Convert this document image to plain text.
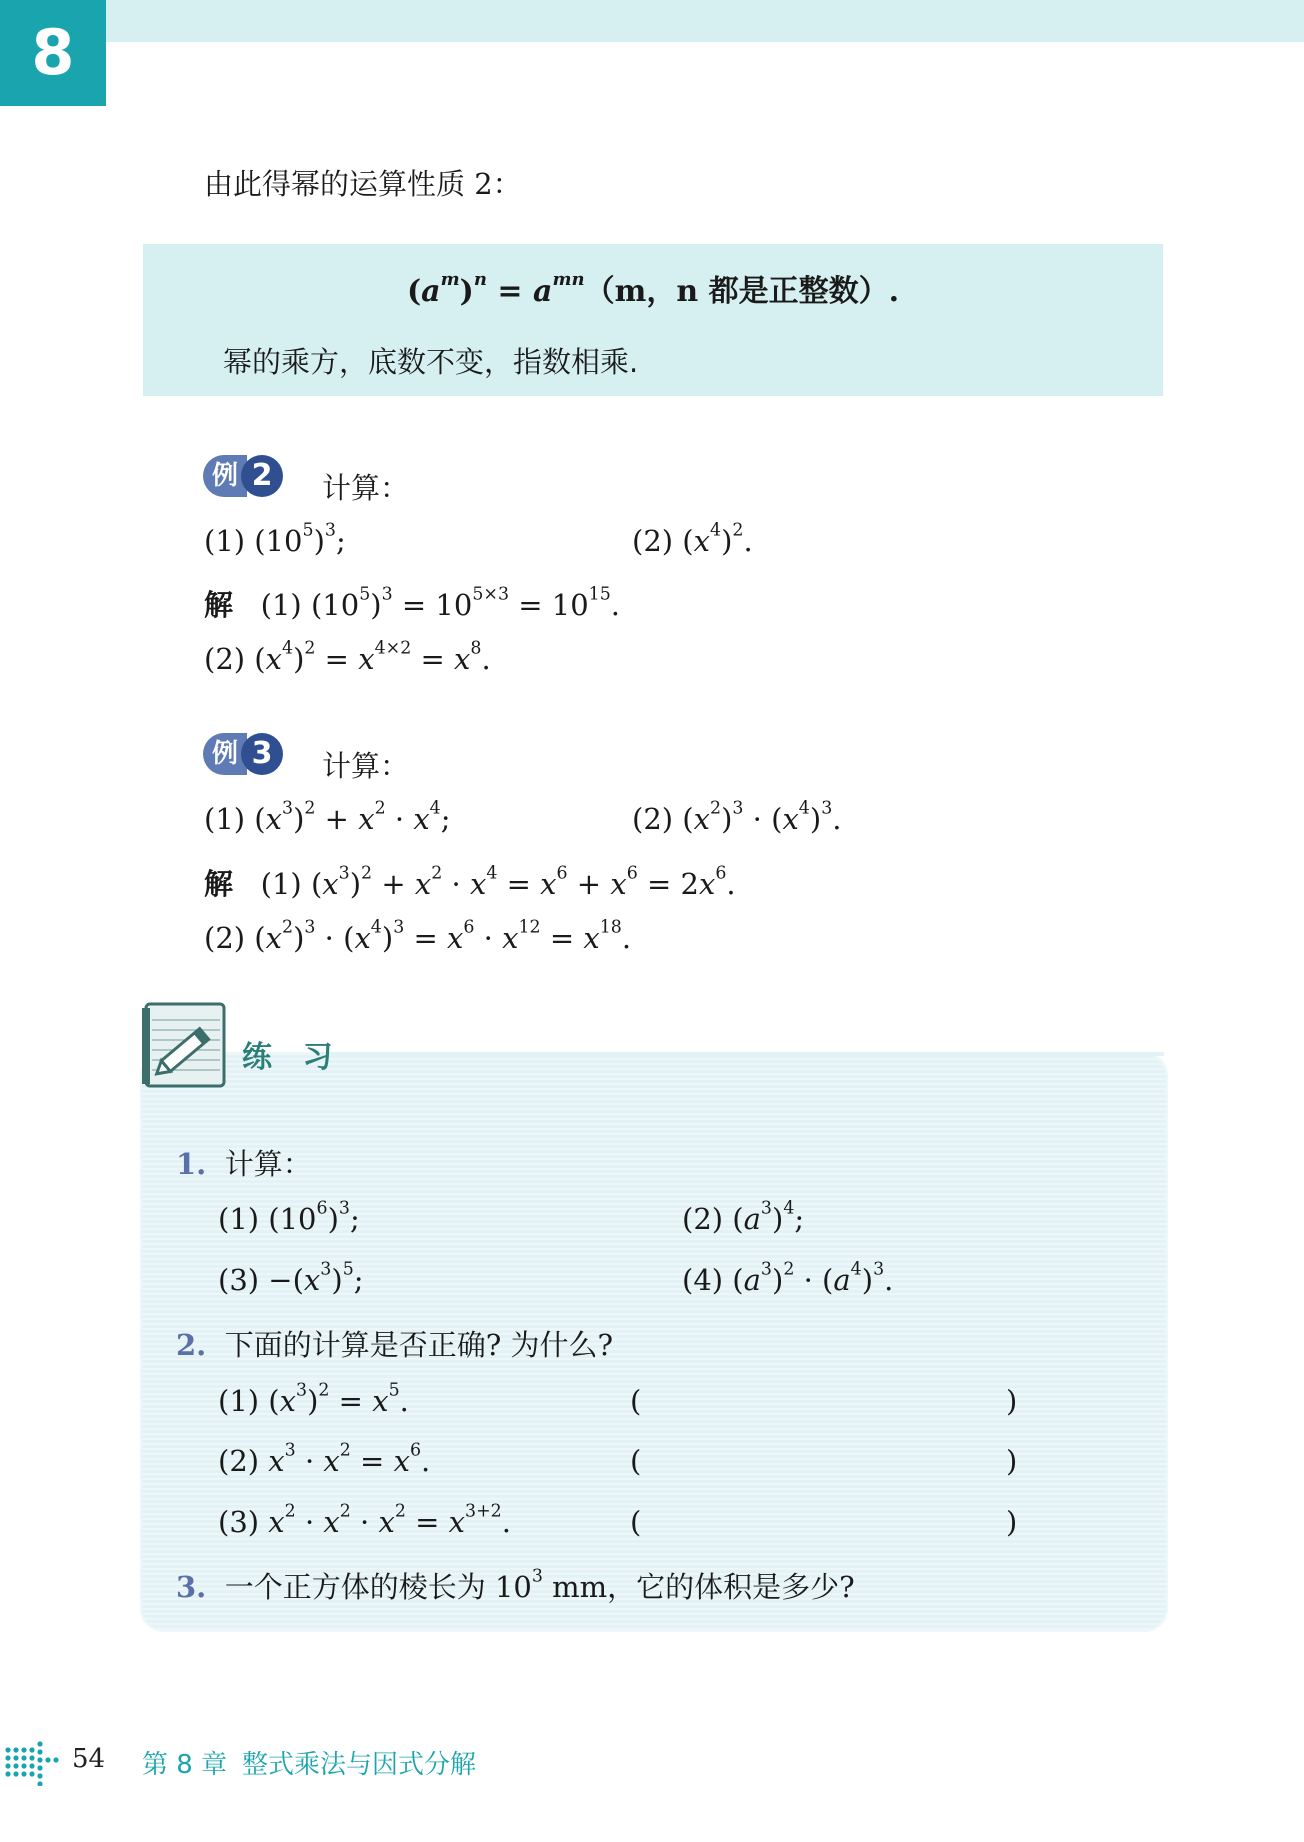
8
由此得幂的运算性质 2：
$(a^m)^n = a^{mn}(m$，n 都是正整数）.
幂的乘方，底数不变，指数相乘.
例 2	计算：
(1) $(10^5)^3$;	(2) $(x^4)^2$.
解   (1) $(10^5)^3 = 10^{5\times 3} = 10^{15}$.
(2) $(x^4)^2 = x^{4\times 2} = x^8$.
例 3	计算：
(1) $(x^3)^2 + x^2 \cdot x^4$;	(2) $(x^2)^3 \cdot (x^4)^3$.
解   (1) $(x^3)^2 + x^2 \cdot x^4 = x^6 + x^6 = 2x^6$.
(2) $(x^2)^3 \cdot (x^4)^3 = x^6 \cdot x^{12} = x^{18}$.
练 习
1. 计算：
(1) $(10^6)^3$;	(2) $(a^3)^4$;
$(3) -(x^3)^5$;	(4) $(a^3)^2 \cdot (a^4)^3$.
2. 下面的计算是否正确? 为什么?
(1) $(x^3)^2 = x^5$.	(	)
(2) $x^3 \cdot x^2 = x^6$.	(	)
(3) $x^2 \cdot x^2 \cdot x^2 = x^{3+2}$.	(	)
3. 一个正方体的棱长为 $10^3$ mm，它的体积是多少?
54 第 8 章 整式乘法与因式分解
